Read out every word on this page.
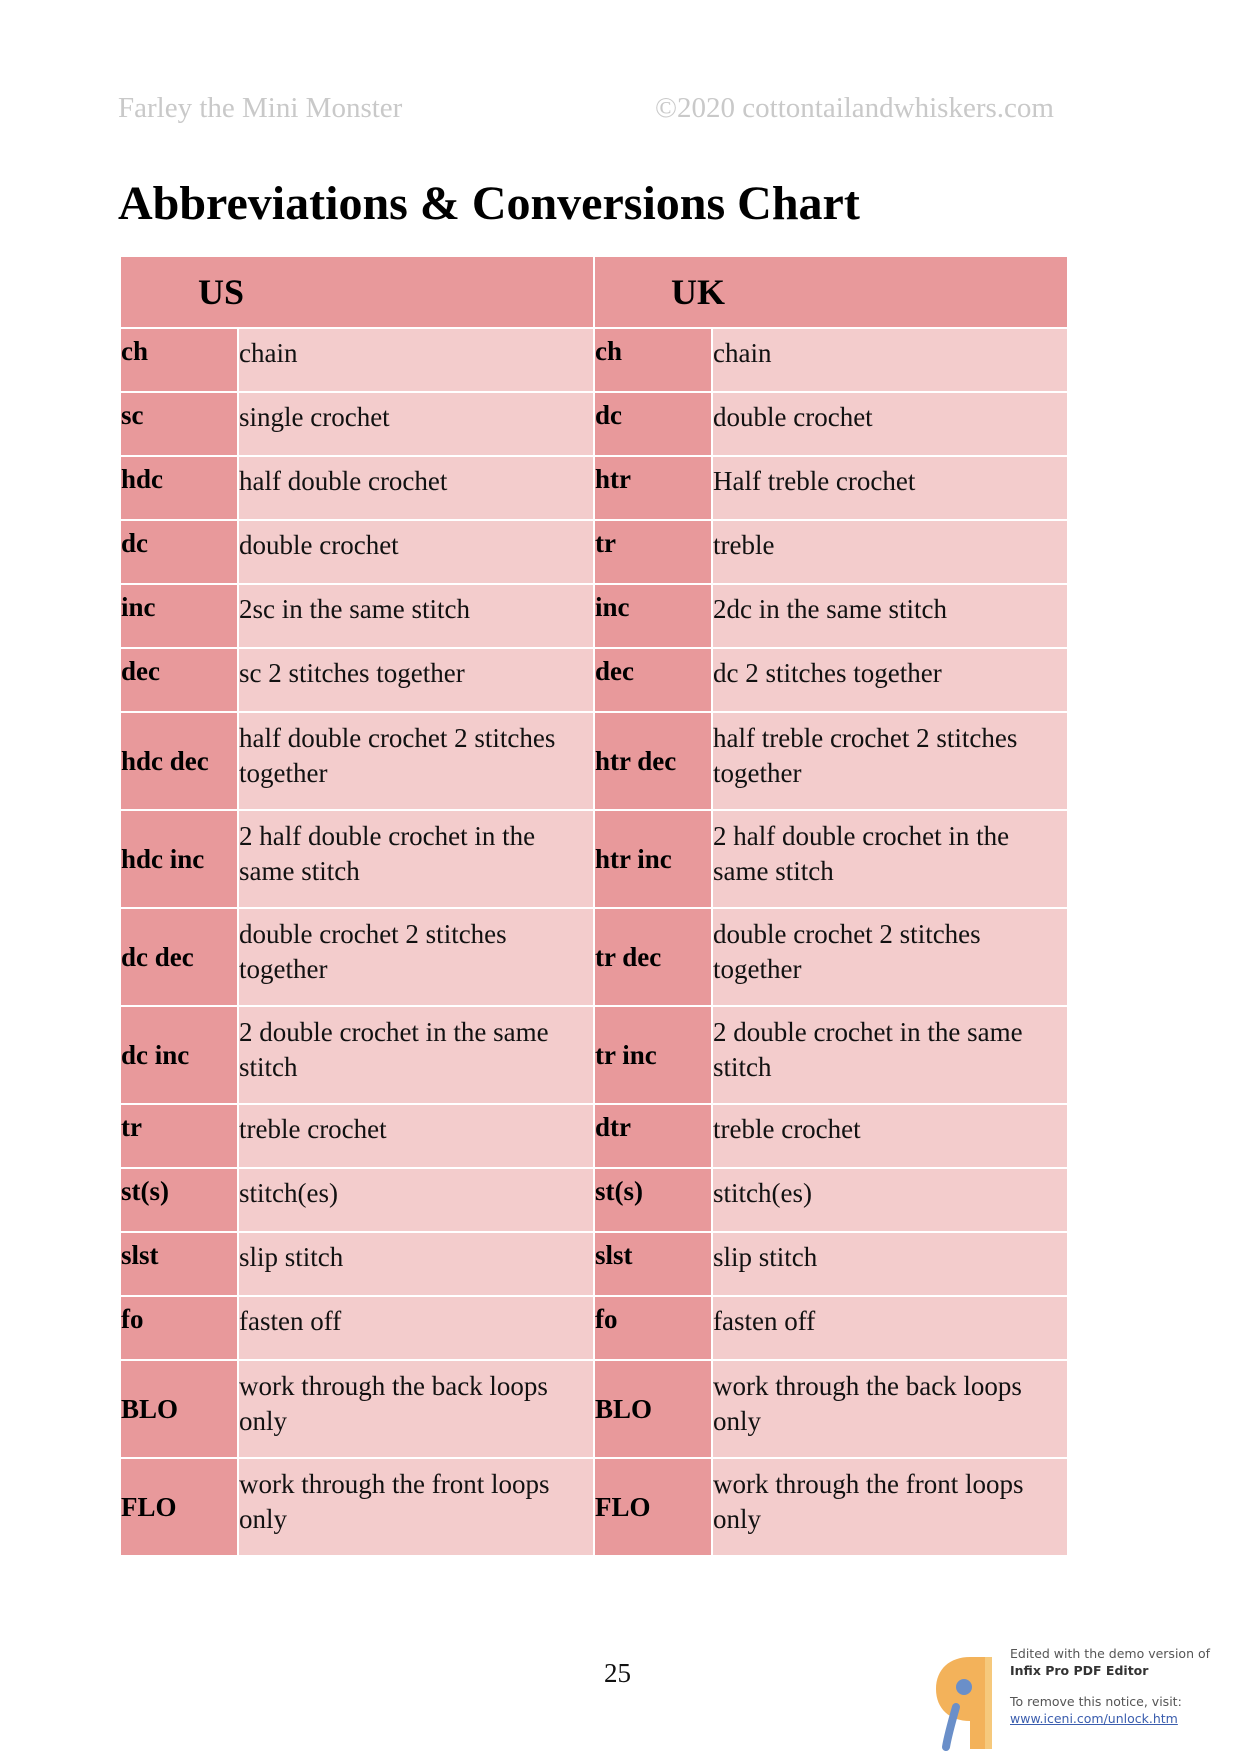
Farley the Mini Monster	©2020 cottontailandwhiskers.com
Abbreviations & Conversions Chart
US		UK	

ch	chain	ch	chain
sc	single crochet	dc	double crochet
hdc	half double crochet	htr	Half treble crochet
dc	double crochet	tr	treble
inc	2sc in the same stitch	inc	2dc in the same stitch
dec	sc 2 stitches together	dec	dc 2 stitches together
hdc dec	half double crochet 2 stitches together	htr dec	half treble crochet 2 stitches together
hdc inc	2 half double crochet in the same stitch	htr inc	2 half double crochet in the same stitch
dc dec	double crochet 2 stitches together	tr dec	double crochet 2 stitches together
dc inc	2 double crochet in the same stitch	tr inc	2 double crochet in the same stitch
tr	treble crochet	dtr	treble crochet
st(s)	stitch(es)	st(s)	stitch(es)
slst	slip stitch	slst	slip stitch
fo	fasten off	fo	fasten off
BLO	work through the back loops only	BLO	work through the back loops only
FLO	work through the front loops only	FLO	work through the front loops only
25
Edited with the demo version of
Infix Pro PDF Editor
To remove this notice, visit:
www.iceni.com/unlock.htm
